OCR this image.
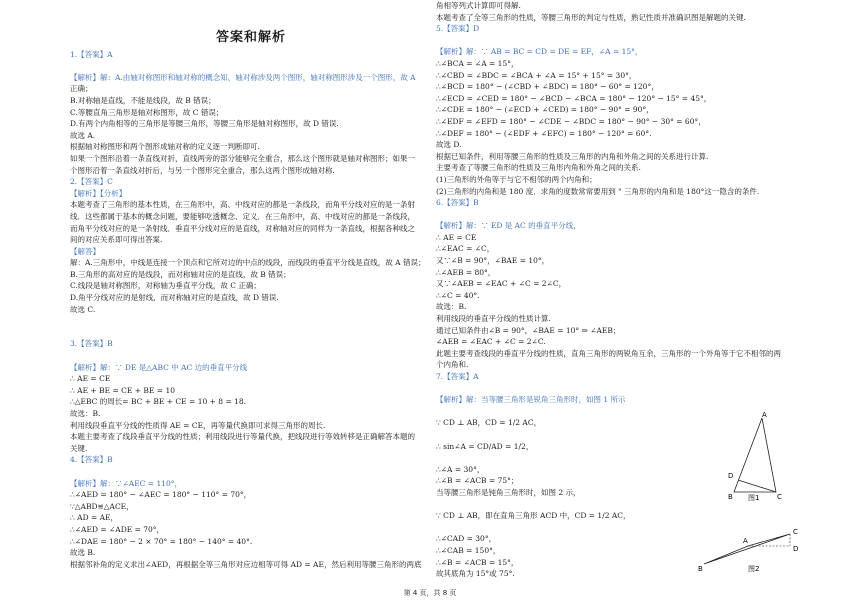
答案和解析
1.【答案】A

【解析】解：A.由轴对称图形和轴对称的概念知，轴对称涉及两个图形，轴对称图形涉及一个图形，故 A
正确；
B.对称轴是直线，不能是线段，故 B 错误；
C.等腰直角三角形是轴对称图形，故 C 错误；
D.有两个内角相等的三角形是等腰三角形，等腰三角形是轴对称图形，故 D 错误.
故选 A.
根据轴对称图形和两个图形成轴对称的定义逐一判断即可.
如果一个图形沿着一条直线对折，直线两旁的部分能够完全重合，那么这个图形就是轴对称图形；如果一
个图形沿着一条直线对折后，与另一个图形完全重合，那么这两个图形成轴对称.
2.【答案】C
【解析】【分析】
本题考查了三角形的基本性质，在三角形中，高、中线对应的都是一条线段，而角平分线对应的是一条射
线．这些都属于基本的概念问题，要能够吃透概念、定义．在三角形中，高、中线对应的都是一条线段，
而角平分线对应的是一条射线．垂直平分线对应的是直线，对称轴对应的同样为一条直线，根据各种线之
间的对应关系即可得出答案.
【解答】
解：A.三角形中，中线是连接一个顶点和它所对边的中点的线段，而线段的垂直平分线是直线，故 A 错误；
B.三角形的高对应的是线段，而对称轴对应的是直线，故 B 错误；
C.线段是轴对称图形，对称轴为垂直平分线，故 C 正确；
D.角平分线对应的是射线，而对称轴对应的是直线，故 D 错误.
故选 C.

3.【答案】B

【解析】解：∵ DE 是△ABC 中 AC 边的垂直平分线
∴ AE = CE
∴ AE + BE = CE + BE = 10
∴△EBC 的周长= BC + BE + CE = 10 + 8 = 18.
故选：B.
利用线段垂直平分线的性质得 AE = CE，再等量代换即可求得三角形的周长.
本题主要考查了线段垂直平分线的性质；利用线段进行等量代换，把线段进行等效转移是正确解答本题的
关键.
4.【答案】B

【解析】解：∵∠AEC = 110°，
∴∠AED = 180° − ∠AEC = 180° − 110° = 70°，
∵△ABD≌△ACE，
∴ AD = AE，
∴∠AED = ∠ADE = 70°，
∴∠DAE = 180° − 2 × 70° = 180° − 140° = 40°.
故选 B.
根据邻补角的定义求出∠AED，再根据全等三角形对应边相等可得 AD = AE，然后利用等腰三角形的两底
角相等列式计算即可得解.
本题考查了全等三角形的性质，等腰三角形的判定与性质，熟记性质并准确识图是解题的关键.
5.【答案】D

【解析】解：∵ AB = BC = CD = DE = EF，∠A = 15°，
∴∠BCA = ∠A = 15°，
∴∠CBD = ∠BDC = ∠BCA + ∠A = 15° + 15° = 30°，
∴∠BCD = 180° − (∠CBD + ∠BDC) = 180° − 60° = 120°，
∴∠ECD = ∠CED = 180° − ∠BCD − ∠BCA = 180° − 120° − 15° = 45°，
∴∠CDE = 180° − (∠ECD + ∠CED) = 180° − 90° = 90°，
∴∠EDF = ∠EFD = 180° − ∠CDE − ∠BDC = 180° − 90° − 30° = 60°，
∴∠DEF = 180° − (∠EDF + ∠EFC) = 180° − 120° = 60°.
故选 D.
根据已知条件，利用等腰三角形的性质及三角形的内角和外角之间的关系进行计算.
主要考查了等腰三角形的性质及三角形内角和外角之间的关系.
(1)三角形的外角等于与它不相邻的两个内角和；
(2)三角形的内角和是 180 度．求角的度数常常要用到 " 三角形的内角和是 180°这一隐含的条件.
6.【答案】B

【解析】解：∵ ED 是 AC 的垂直平分线，
∴ AE = CE
∴∠EAC = ∠C，
又∵∠B = 90°，∠BAE = 10°，
∴∠AEB = 80°，
又∵∠AEB = ∠EAC + ∠C = 2∠C，
∴∠C = 40°.
故选：B.
利用线段的垂直平分线的性质计算.
通过已知条件由∠B = 90°，∠BAE = 10° ⇒ ∠AEB；
∠AEB = ∠EAC + ∠C = 2∠C.
此题主要考查线段的垂直平分线的性质，直角三角形的两锐角互余，三角形的一个外角等于它不相邻的两
个内角和.
7.【答案】A

【解析】解：当等腰三角形是锐角三角形时，如图 1 所示

∵ CD ⊥ AB，CD = 1/2 AC，

∴ sin∠A = CD/AD = 1/2，

∴∠A = 30°，
∴∠B = ∠ACB = 75°；
当等腰三角形是钝角三角形时，如图 2 示，

∵ CD ⊥ AB，即在直角三角形 ACD 中，CD = 1/2 AC，

∴∠CAD = 30°，
∴∠CAB = 150°，
∴∠B = ∠ACB = 15°，
故其底角为 15°或 75°.
A
B	C
D
图1
A
B
C
D
图2
第 4 页，共 8 页
